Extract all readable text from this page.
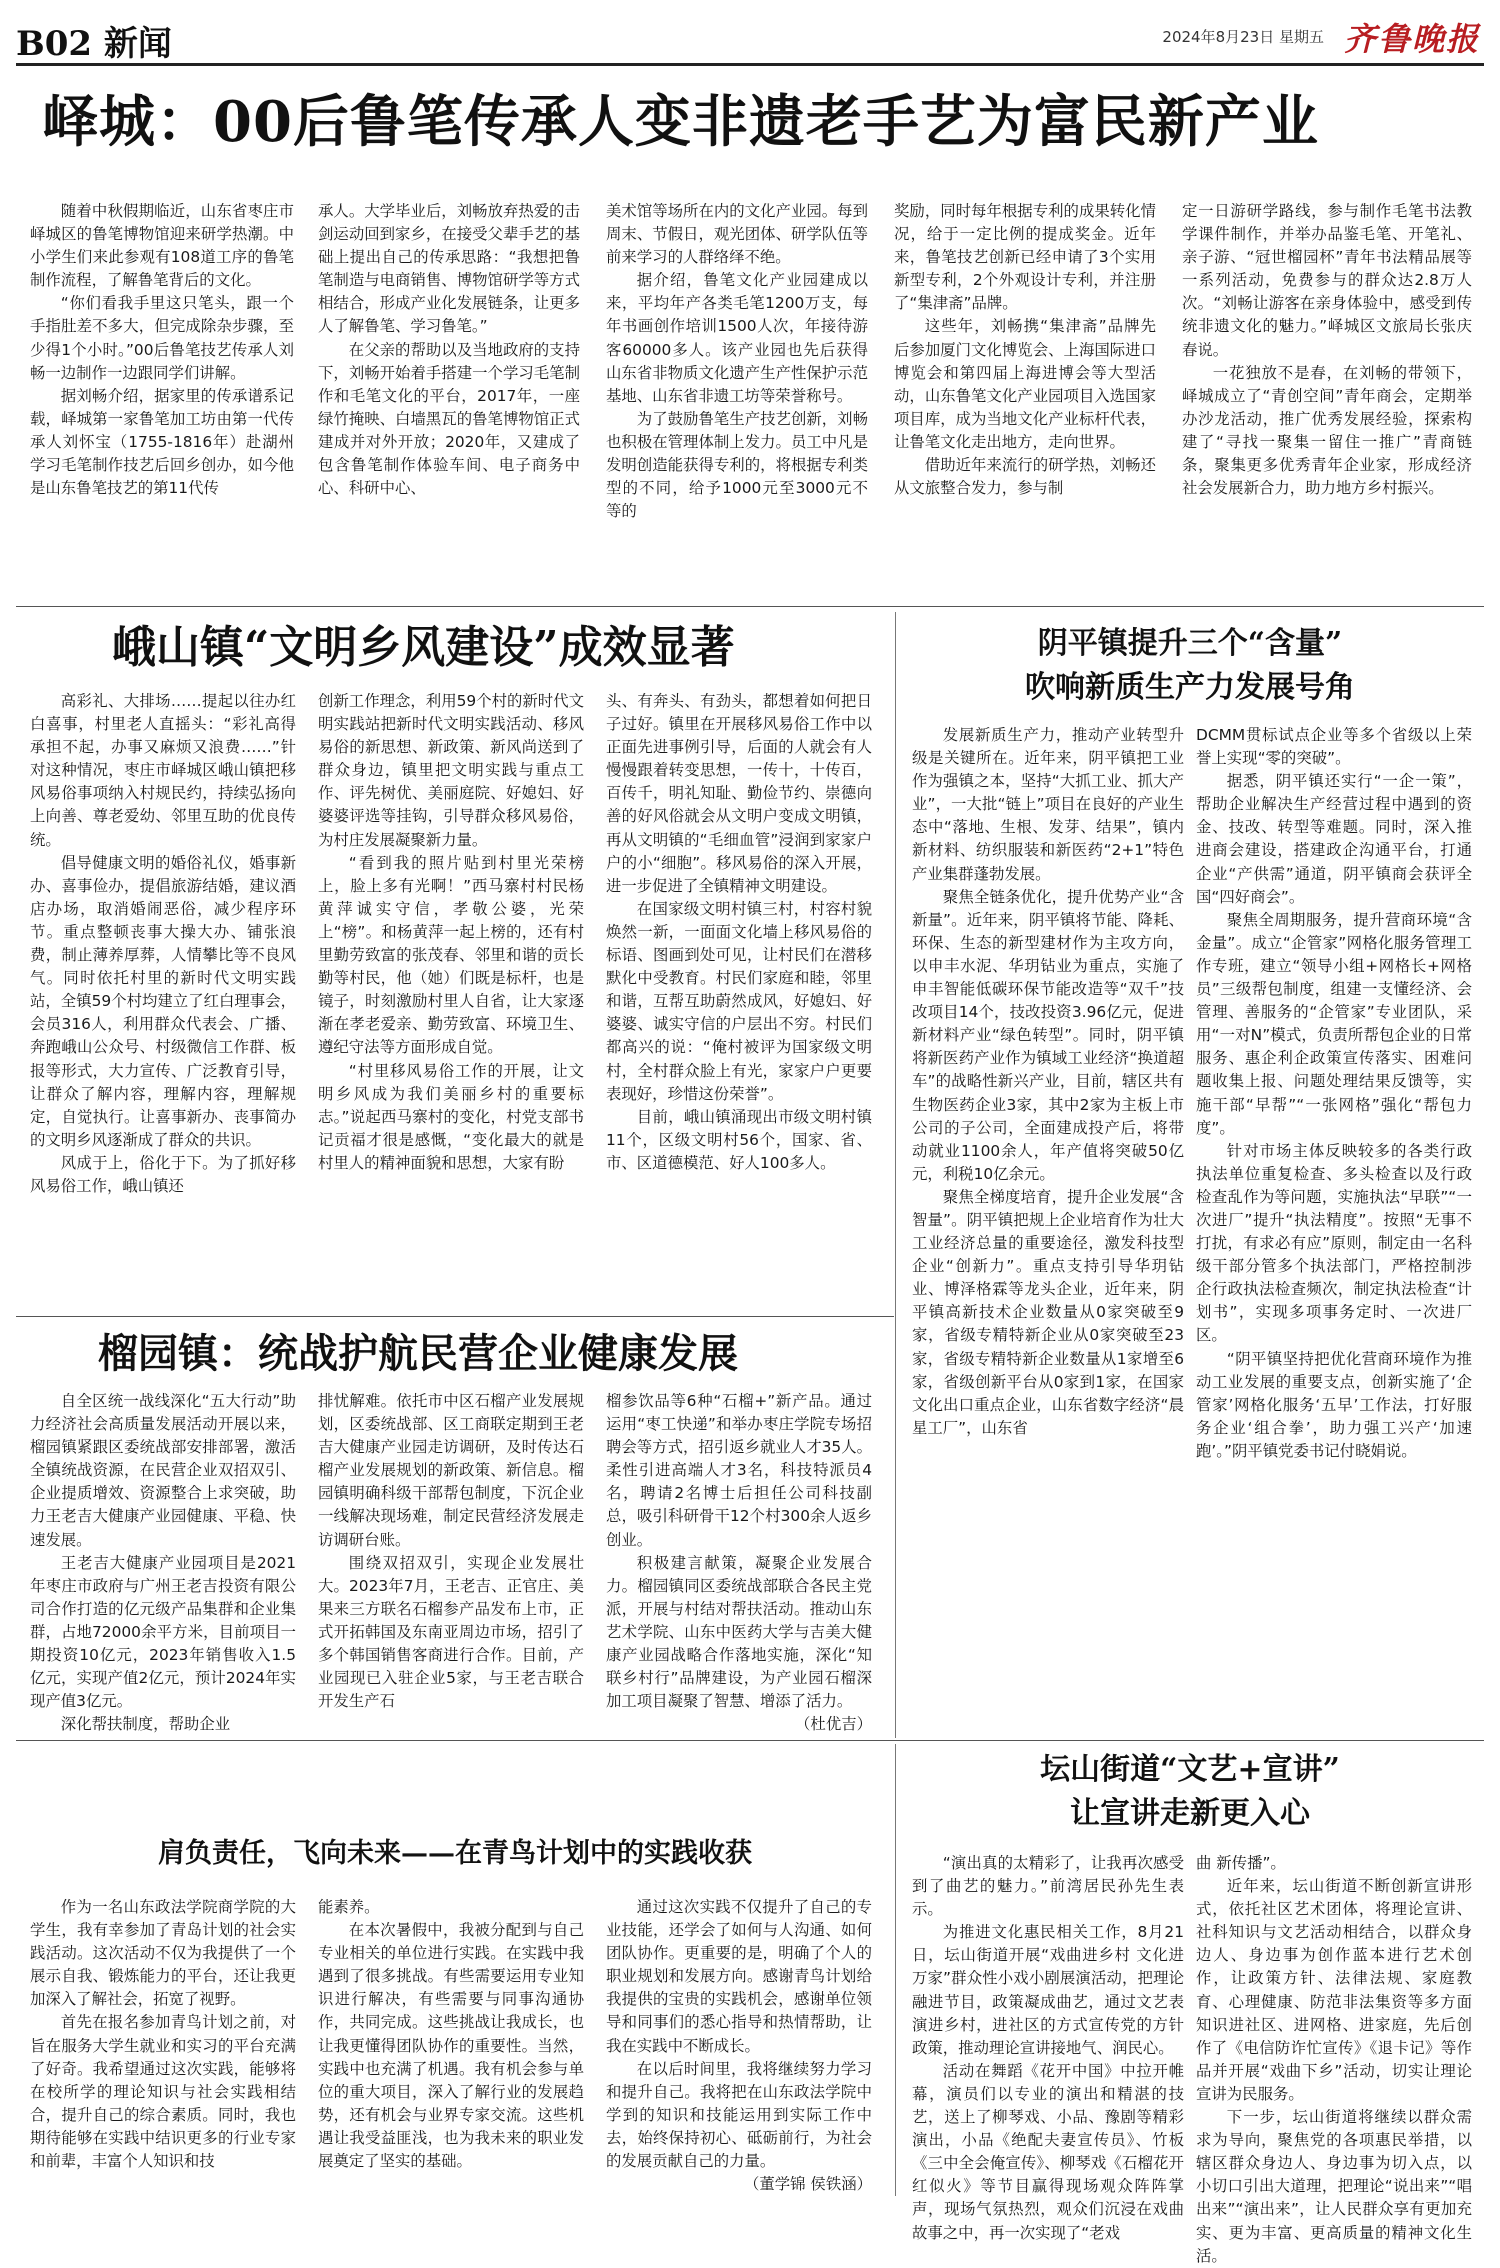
B02 新闻	2024年8月23日 星期五 齐鲁晚报
峄城：00后鲁笔传承人变非遗老手艺为富民新产业

随着中秋假期临近，山东省枣庄市峄城区的鲁笔博物馆迎来研学热潮。中小学生们来此参观有108道工序的鲁笔制作流程，了解鲁笔背后的文化。

“你们看我手里这只笔头，跟一个手指肚差不多大，但完成除杂步骤，至少得1个小时。”00后鲁笔技艺传承人刘畅一边制作一边跟同学们讲解。

据刘畅介绍，据家里的传承谱系记载，峄城第一家鲁笔加工坊由第一代传承人刘怀宝（1755-1816年）赴湖州学习毛笔制作技艺后回乡创办，如今他是山东鲁笔技艺的第11代传

承人。大学毕业后，刘畅放弃热爱的击剑运动回到家乡，在接受父辈手艺的基础上提出自己的传承思路：“我想把鲁笔制造与电商销售、博物馆研学等方式相结合，形成产业化发展链条，让更多人了解鲁笔、学习鲁笔。”

在父亲的帮助以及当地政府的支持下，刘畅开始着手搭建一个学习毛笔制作和毛笔文化的平台，2017年，一座绿竹掩映、白墙黑瓦的鲁笔博物馆正式建成并对外开放；2020年，又建成了包含鲁笔制作体验车间、电子商务中心、科研中心、

美术馆等场所在内的文化产业园。每到周末、节假日，观光团体、研学队伍等前来学习的人群络绎不绝。

据介绍，鲁笔文化产业园建成以来，平均年产各类毛笔1200万支，每年书画创作培训1500人次，年接待游客60000多人。该产业园也先后获得山东省非物质文化遗产生产性保护示范基地、山东省非遗工坊等荣誉称号。

为了鼓励鲁笔生产技艺创新，刘畅也积极在管理体制上发力。员工中凡是发明创造能获得专利的，将根据专利类型的不同，给予1000元至3000元不等的

奖励，同时每年根据专利的成果转化情况，给于一定比例的提成奖金。近年来，鲁笔技艺创新已经申请了3个实用新型专利，2个外观设计专利，并注册了“集津斋”品牌。

这些年，刘畅携“集津斋”品牌先后参加厦门文化博览会、上海国际进口博览会和第四届上海进博会等大型活动，山东鲁笔文化产业园项目入选国家项目库，成为当地文化产业标杆代表，让鲁笔文化走出地方，走向世界。

借助近年来流行的研学热，刘畅还从文旅整合发力，参与制

定一日游研学路线，参与制作毛笔书法教学课件制作，并举办品鉴毛笔、开笔礼、亲子游、“冠世榴园杯”青年书法精品展等一系列活动，免费参与的群众达2.8万人次。“刘畅让游客在亲身体验中，感受到传统非遗文化的魅力。”峄城区文旅局长张庆春说。

一花独放不是春，在刘畅的带领下，峄城成立了“青创空间”青年商会，定期举办沙龙活动，推广优秀发展经验，探索构建了“寻找一聚集一留住一推广”青商链条，聚集更多优秀青年企业家，形成经济社会发展新合力，助力地方乡村振兴。

峨山镇“文明乡风建设”成效显著

高彩礼、大排场……提起以往办红白喜事，村里老人直摇头：“彩礼高得承担不起，办事又麻烦又浪费……”针对这种情况，枣庄市峄城区峨山镇把移风易俗事项纳入村规民约，持续弘扬向上向善、尊老爱幼、邻里互助的优良传统。

倡导健康文明的婚俗礼仪，婚事新办、喜事俭办，提倡旅游结婚，建议酒店办场，取消婚闹恶俗，减少程序环节。重点整顿丧事大操大办、铺张浪费，制止薄养厚葬，人情攀比等不良风气。同时依托村里的新时代文明实践站，全镇59个村均建立了红白理事会，会员316人，利用群众代表会、广播、奔跑峨山公众号、村级微信工作群、板报等形式，大力宣传、广泛教育引导，让群众了解内容，理解内容，理解规定，自觉执行。让喜事新办、丧事简办的文明乡风逐渐成了群众的共识。

风成于上，俗化于下。为了抓好移风易俗工作，峨山镇还

创新工作理念，利用59个村的新时代文明实践站把新时代文明实践活动、移风易俗的新思想、新政策、新风尚送到了群众身边，镇里把文明实践与重点工作、评先树优、美丽庭院、好媳妇、好婆婆评选等挂钩，引导群众移风易俗，为村庄发展凝聚新力量。

“看到我的照片贴到村里光荣榜上，脸上多有光啊！”西马寨村村民杨黄萍诚实守信，孝敬公婆，光荣上“榜”。和杨黄萍一起上榜的，还有村里勤劳致富的张茂春、邻里和谐的贡长勤等村民，他（她）们既是标杆，也是镜子，时刻激励村里人自省，让大家逐渐在孝老爱亲、勤劳致富、环境卫生、遵纪守法等方面形成自觉。

“村里移风易俗工作的开展，让文明乡风成为我们美丽乡村的重要标志。”说起西马寨村的变化，村党支部书记贡福才很是感慨，“变化最大的就是村里人的精神面貌和思想，大家有盼

头、有奔头、有劲头，都想着如何把日子过好。镇里在开展移风易俗工作中以正面先进事例引导，后面的人就会有人慢慢跟着转变思想，一传十，十传百，百传千，明礼知耻、勤俭节约、崇德向善的好风俗就会从文明户变成文明镇，再从文明镇的“毛细血管”浸润到家家户户的小“细胞”。移风易俗的深入开展，进一步促进了全镇精神文明建设。

在国家级文明村镇三村，村容村貌焕然一新，一面面文化墙上移风易俗的标语、图画到处可见，让村民们在潜移默化中受教育。村民们家庭和睦，邻里和谐，互帮互助蔚然成风，好媳妇、好婆婆、诚实守信的户层出不穷。村民们都高兴的说：“俺村被评为国家级文明村，全村群众脸上有光，家家户户更要表现好，珍惜这份荣誉”。

目前，峨山镇涌现出市级文明村镇11个，区级文明村56个，国家、省、市、区道德模范、好人100多人。

阴平镇提升三个“含量”
吹响新质生产力发展号角

发展新质生产力，推动产业转型升级是关键所在。近年来，阴平镇把工业作为强镇之本，坚持“大抓工业、抓大产业”，一大批“链上”项目在良好的产业生态中“落地、生根、发芽、结果”，镇内新材料、纺织服装和新医药“2+1”特色产业集群蓬勃发展。

聚焦全链条优化，提升优势产业“含新量”。近年来，阴平镇将节能、降耗、环保、生态的新型建材作为主攻方向，以申丰水泥、华玥钻业为重点，实施了申丰智能低碳环保节能改造等“双千”技改项目14个，技改投资3.96亿元，促进新材料产业“绿色转型”。同时，阴平镇将新医药产业作为镇域工业经济“换道超车”的战略性新兴产业，目前，辖区共有生物医药企业3家，其中2家为主板上市公司的子公司，全面建成投产后，将带动就业1100余人，年产值将突破50亿元，利税10亿余元。

聚焦全梯度培育，提升企业发展“含智量”。阴平镇把规上企业培育作为壮大工业经济总量的重要途径，激发科技型企业“创新力”。重点支持引导华玥钻业、博泽格霖等龙头企业，近年来，阴平镇高新技术企业数量从0家突破至9家，省级专精特新企业从0家突破至23家，省级专精特新企业数量从1家增至6家，省级创新平台从0家到1家，在国家文化出口重点企业，山东省数字经济“晨星工厂”，山东省

DCMM贯标试点企业等多个省级以上荣誉上实现“零的突破”。

据悉，阴平镇还实行“一企一策”，帮助企业解决生产经营过程中遇到的资金、技改、转型等难题。同时，深入推进商会建设，搭建政企沟通平台，打通企业“产供需”通道，阴平镇商会获评全国“四好商会”。

聚焦全周期服务，提升营商环境“含金量”。成立“企管家”网格化服务管理工作专班，建立“领导小组+网格长+网格员”三级帮包制度，组建一支懂经济、会管理、善服务的“企管家”专业团队，采用“一对N”模式，负责所帮包企业的日常服务、惠企利企政策宣传落实、困难问题收集上报、问题处理结果反馈等，实施干部“早帮”“一张网格”强化“帮包力度”。

针对市场主体反映较多的各类行政执法单位重复检查、多头检查以及行政检查乱作为等问题，实施执法“早联”“一次进厂”提升“执法精度”。按照“无事不打扰，有求必有应”原则，制定由一名科级干部分管多个执法部门，严格控制涉企行政执法检查频次，制定执法检查“计划书”，实现多项事务定时、一次进厂区。

“阴平镇坚持把优化营商环境作为推动工业发展的重要支点，创新实施了‘企管家’网格化服务‘五早’工作法，打好服务企业‘组合拳’，助力强工兴产‘加速跑’。”阴平镇党委书记付晓娟说。

榴园镇：统战护航民营企业健康发展

自全区统一战线深化“五大行动”助力经济社会高质量发展活动开展以来，榴园镇紧跟区委统战部安排部署，激活全镇统战资源，在民营企业双招双引、企业提质增效、资源整合上求突破，助力王老吉大健康产业园健康、平稳、快速发展。

王老吉大健康产业园项目是2021年枣庄市政府与广州王老吉投资有限公司合作打造的亿元级产品集群和企业集群，占地72000余平方米，目前项目一期投资10亿元，2023年销售收入1.5亿元，实现产值2亿元，预计2024年实现产值3亿元。

深化帮扶制度，帮助企业

排忧解难。依托市中区石榴产业发展规划，区委统战部、区工商联定期到王老吉大健康产业园走访调研，及时传达石榴产业发展规划的新政策、新信息。榴园镇明确科级干部帮包制度，下沉企业一线解决现场难，制定民营经济发展走访调研台账。

围绕双招双引，实现企业发展壮大。2023年7月，王老吉、正官庄、美果来三方联名石榴参产品发布上市，正式开拓韩国及东南亚周边市场，招引了多个韩国销售客商进行合作。目前，产业园现已入驻企业5家，与王老吉联合开发生产石

榴参饮品等6种“石榴+”新产品。通过运用“枣工快递”和举办枣庄学院专场招聘会等方式，招引返乡就业人才35人。柔性引进高端人才3名，科技特派员4名，聘请2名博士后担任公司科技副总，吸引科研骨干12个村300余人返乡创业。

积极建言献策，凝聚企业发展合力。榴园镇同区委统战部联合各民主党派，开展与村结对帮扶活动。推动山东艺术学院、山东中医药大学与吉美大健康产业园战略合作落地实施，深化“知联乡村行”品牌建设，为产业园石榴深加工项目凝聚了智慧、增添了活力。

（杜优吉）

坛山街道“文艺+宣讲”
让宣讲走新更入心

“演出真的太精彩了，让我再次感受到了曲艺的魅力。”前湾居民孙先生表示。

为推进文化惠民相关工作，8月21日，坛山街道开展“戏曲进乡村 文化进万家”群众性小戏小剧展演活动，把理论融进节目，政策凝成曲艺，通过文艺表演进乡村，进社区的方式宣传党的方针政策，推动理论宣讲接地气、润民心。

活动在舞蹈《花开中国》中拉开帷幕，演员们以专业的演出和精湛的技艺，送上了柳琴戏、小品、豫剧等精彩演出，小品《绝配夫妻宣传员》、竹板《三中全会俺宣传》、柳琴戏《石榴花开红似火》等节目赢得现场观众阵阵掌声，现场气氛热烈，观众们沉浸在戏曲故事之中，再一次实现了“老戏

曲 新传播”。

近年来，坛山街道不断创新宣讲形式，依托社区艺术团体，将理论宣讲、社科知识与文艺活动相结合，以群众身边人、身边事为创作蓝本进行艺术创作，让政策方针、法律法规、家庭教育、心理健康、防范非法集资等多方面知识进社区、进网格、进家庭，先后创作了《电信防诈忙宣传》《退卡记》等作品并开展“戏曲下乡”活动，切实让理论宣讲为民服务。

下一步，坛山街道将继续以群众需求为导向，聚焦党的各项惠民举措，以辖区群众身边人、身边事为切入点，以小切口引出大道理，把理论“说出来”“唱出来”“演出来”，让人民群众享有更加充实、更为丰富、更高质量的精神文化生活。

肩负责任，飞向未来——在青鸟计划中的实践收获

作为一名山东政法学院商学院的大学生，我有幸参加了青岛计划的社会实践活动。这次活动不仅为我提供了一个展示自我、锻炼能力的平台，还让我更加深入了解社会，拓宽了视野。

首先在报名参加青鸟计划之前，对旨在服务大学生就业和实习的平台充满了好奇。我希望通过这次实践，能够将在校所学的理论知识与社会实践相结合，提升自己的综合素质。同时，我也期待能够在实践中结识更多的行业专家和前辈，丰富个人知识和技

能素养。

在本次暑假中，我被分配到与自己专业相关的单位进行实践。在实践中我遇到了很多挑战。有些需要运用专业知识进行解决，有些需要与同事沟通协作，共同完成。这些挑战让我成长，也让我更懂得团队协作的重要性。当然，实践中也充满了机遇。我有机会参与单位的重大项目，深入了解行业的发展趋势，还有机会与业界专家交流。这些机遇让我受益匪浅，也为我未来的职业发展奠定了坚实的基础。

通过这次实践不仅提升了自己的专业技能，还学会了如何与人沟通、如何团队协作。更重要的是，明确了个人的职业规划和发展方向。感谢青鸟计划给我提供的宝贵的实践机会，感谢单位领导和同事们的悉心指导和热情帮助，让我在实践中不断成长。

在以后时间里，我将继续努力学习和提升自己。我将把在山东政法学院中学到的知识和技能运用到实际工作中去，始终保持初心、砥砺前行，为社会的发展贡献自己的力量。

（董学锦 侯铁涵）
